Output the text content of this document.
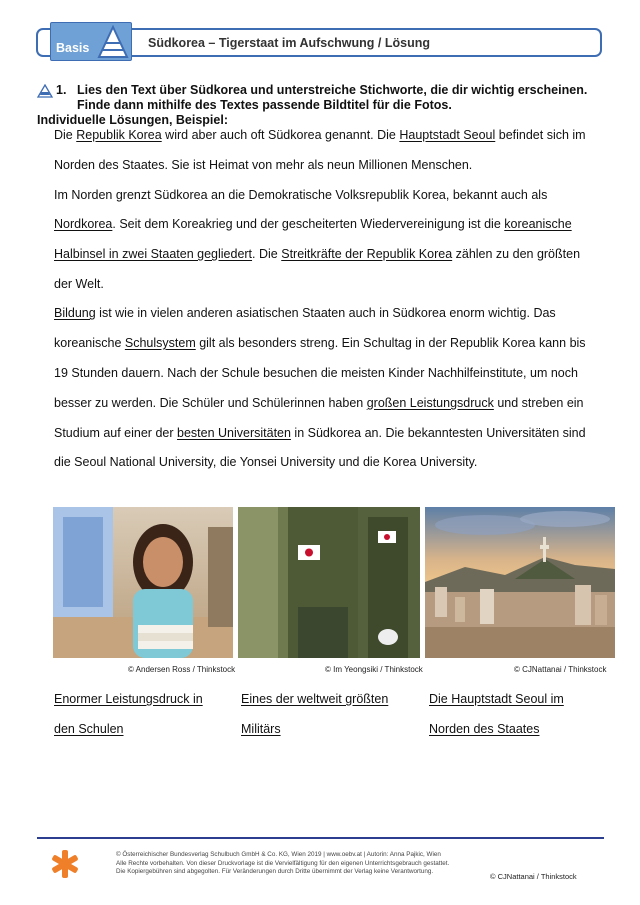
Basis	Südkorea – Tigerstaat im Aufschwung / Lösung
1. Lies den Text über Südkorea und unterstreiche Stichworte, die dir wichtig erscheinen.
Finde dann mithilfe des Textes passende Bildtitel für die Fotos.
Individuelle Lösungen, Beispiel:
Die Republik Korea wird aber auch oft Südkorea genannt. Die Hauptstadt Seoul befindet sich im
Norden des Staates. Sie ist Heimat von mehr als neun Millionen Menschen.
Im Norden grenzt Südkorea an die Demokratische Volksrepublik Korea, bekannt auch als
Nordkorea. Seit dem Koreakrieg und der gescheiterten Wiedervereinigung ist die koreanische
Halbinsel in zwei Staaten gegliedert. Die Streitkräfte der Republik Korea zählen zu den größten
der Welt.
Bildung ist wie in vielen anderen asiatischen Staaten auch in Südkorea enorm wichtig. Das
koreanische Schulsystem gilt als besonders streng. Ein Schultag in der Republik Korea kann bis
19 Stunden dauern. Nach der Schule besuchen die meisten Kinder Nachhilfeinstitute, um noch
besser zu werden. Die Schüler und Schülerinnen haben großen Leistungsdruck und streben ein
Studium auf einer der besten Universitäten in Südkorea an. Die bekanntesten Universitäten sind
die Seoul National University, die Yonsei University und die Korea University.
© Andersen Ross / Thinkstock	© Im Yeongsiki / Thinkstock	© CJNattanai / Thinkstock
Enormer Leistungsdruck in
den Schulen
Eines der weltweit größten
Militärs
Die Hauptstadt Seoul im
Norden des Staates
© Österreichischer Bundesverlag Schulbuch GmbH & Co. KG, Wien 2019 | www.oebv.at | Autorin: Anna Pajkic, Wien
Alle Rechte vorbehalten. Von dieser Druckvorlage ist die Vervielfältigung für den eigenen Unterrichtsgebrauch gestattet.
Die Kopiergebühren sind abgegolten. Für Veränderungen durch Dritte übernimmt der Verlag keine Verantwortung.
© CJNattanai / Thinkstock
